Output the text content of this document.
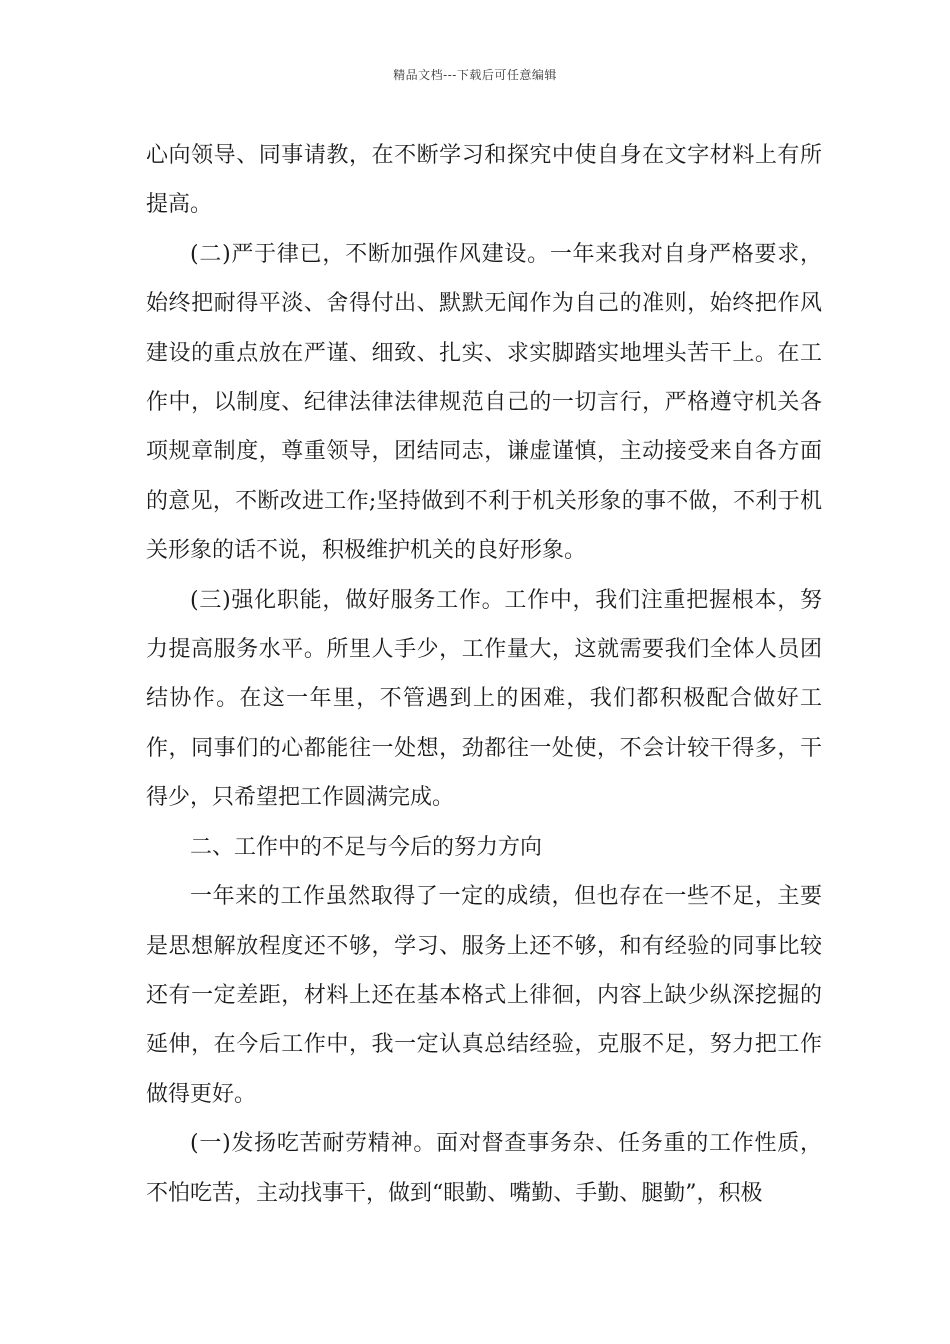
精品文档---下载后可任意编辑

心向领导、同事请教，在不断学习和探究中使自身在文字材料上有所提高。

(二)严于律已，不断加强作风建设。一年来我对自身严格要求，始终把耐得平淡、舍得付出、默默无闻作为自己的准则，始终把作风建设的重点放在严谨、细致、扎实、求实脚踏实地埋头苦干上。在工作中，以制度、纪律法律法律规范自己的一切言行，严格遵守机关各项规章制度，尊重领导，团结同志，谦虚谨慎，主动接受来自各方面的意见，不断改进工作;坚持做到不利于机关形象的事不做，不利于机关形象的话不说，积极维护机关的良好形象。

(三)强化职能，做好服务工作。工作中，我们注重把握根本，努力提高服务水平。所里人手少，工作量大，这就需要我们全体人员团结协作。在这一年里，不管遇到上的困难，我们都积极配合做好工作，同事们的心都能往一处想，劲都往一处使，不会计较干得多，干得少，只希望把工作圆满完成。

二、工作中的不足与今后的努力方向

一年来的工作虽然取得了一定的成绩，但也存在一些不足，主要是思想解放程度还不够，学习、服务上还不够，和有经验的同事比较还有一定差距，材料上还在基本格式上徘徊，内容上缺少纵深挖掘的延伸，在今后工作中，我一定认真总结经验，克服不足，努力把工作做得更好。

(一)发扬吃苦耐劳精神。面对督查事务杂、任务重的工作性质，不怕吃苦，主动找事干，做到“眼勤、嘴勤、手勤、腿勤”，积极
